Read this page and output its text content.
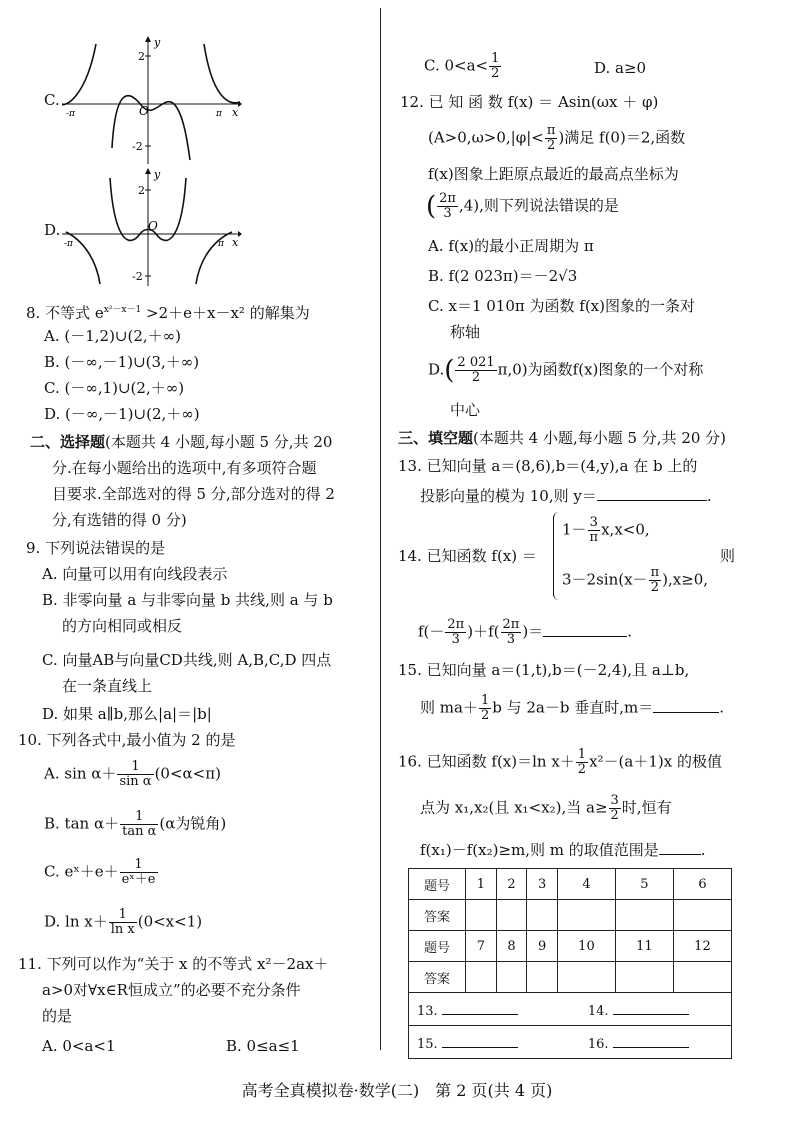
C.
-π	π
2
-2
y
x
O
D.
-π	π
2
-2
y
x
O
8. 不等式 $e^{x^2-x-1} >2+e+x-x^2$ 的解集为
A. (－1,2)∪(2,＋∞)
B. (－∞,－1)∪(3,＋∞)
C. (－∞,1)∪(2,＋∞)
D. (－∞,－1)∪(2,＋∞)
二、选择题(本题共 4 小题,每小题 5 分,共 20
分.在每小题给出的选项中,有多项符合题
目要求.全部选对的得 5 分,部分选对的得 2
分,有选错的得 0 分)
9. 下列说法错误的是
A. 向量可以用有向线段表示
B. 非零向量 a 与非零向量 b 共线,则 a 与 b
的方向相同或相反
C. 向量AB与向量CD共线,则 A,B,C,D 四点
在一条直线上
D. 如果 a∥b,那么|a|＝|b|
10. 下列各式中,最小值为 2 的是
A. $\sin \alpha+ \frac{1}{\text{sin α}} (0<\alpha<\pi)$
B. $\tan \alpha+ \frac{1}{\text{tan α}} (\alpha$为锐角)
C. eˣ＋e＋ $\frac{1}{\text{eˣ＋e}}$
D. $\ln x+ \frac{1}{\text{ln x}} (0<x<1)$
11. 下列可以作为“关于 x 的不等式 x²－2ax＋
a>0对∀x∈R恒成立”的必要不充分条件
的是
A. 0<a<1	B. 0≤a≤1
C. $0<a< \frac{1}{2}$	D. a≥0
12. 已 知 函 数 f(x) ＝ Asin(ωx ＋ φ)
($A>0,\omega>0,|\varphi|< \frac{\pi}{2}$ )满足 f(0)＝2,函数
f(x)图象上距原点最近的最高点坐标为
( $\frac{2\pi}{3} ,4$),则下列说法错误的是
A. f(x)的最小正周期为 π
B. f(2 023π)＝－2√3
C. x＝1 010π 为函数 f(x)图象的一条对
称轴
$D.( \frac{2 021}{2} \pi,0)$为函数f(x)图象的一个对称
中心
三、填空题(本题共 4 小题,每小题 5 分,共 20 分)
13. 已知向量 a＝(8,6),b＝(4,y),a 在 b 上的
投影向量的模为 10,则 y＝	.
14. 已知函数 f(x) ＝
$1- \frac{3}{\pi} x,x<0$,
$3-2\sin(x- \frac{\pi}{2} ),x\ge 0$,
则
$f(- \frac{2\pi}{3} )+f( \frac{2\pi}{3}$ )＝	.
15. 已知向量 a＝(1,t),b＝(－2,4),且 a⊥b,
则 $ma+ \frac{1}{2}$ b 与 2a－b 垂直时,m＝	.
16. 已知函数 f(x)＝ln $x+ \frac{1}{2} x^2-(a+1)x$ 的极值
点为 x₁,x₂(且 x₁<x₂),当 $a\ge \frac{3}{2}$ 时,恒有
f(x₁)－f(x₂)≥m,则 m 的取值范围是	.
题号	1	2	3	4	5	6
答案						
题号	7	8	9	10	11	12
答案						
13. 14.						
15. 16.						
高考全真模拟卷·数学(二)　第 2 页(共 4 页)
